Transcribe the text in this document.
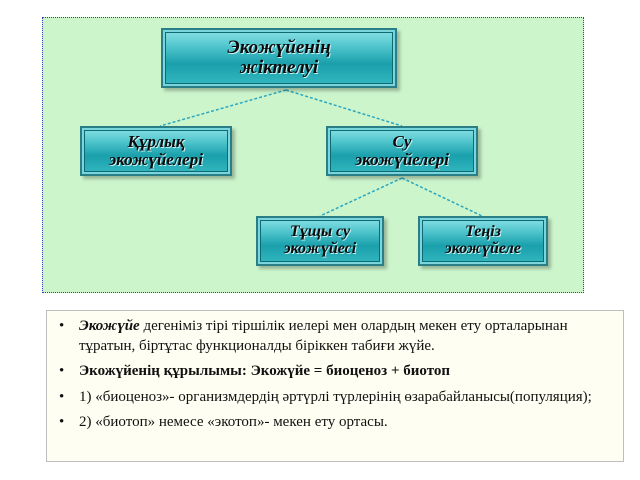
Экожүйенің
жіктелуі
Құрлық
экожүйелері
Су
экожүйелері
Тұщы су
экожүйесі
Теңіз
экожүйеле
• Экожүйе дегеніміз тірі тіршілік иелері мен олардың мекен ету орталарынан тұратын, біртұтас функционалды біріккен табиғи жүйе.
• Экожүйенің құрылымы: Экожүйе = биоценоз + биотоп
• 1) «биоценоз»- организмдердің әртүрлі түрлерінің өзарабайланысы(популяция);
• 2) «биотоп» немесе «экотоп»- мекен ету ортасы.
